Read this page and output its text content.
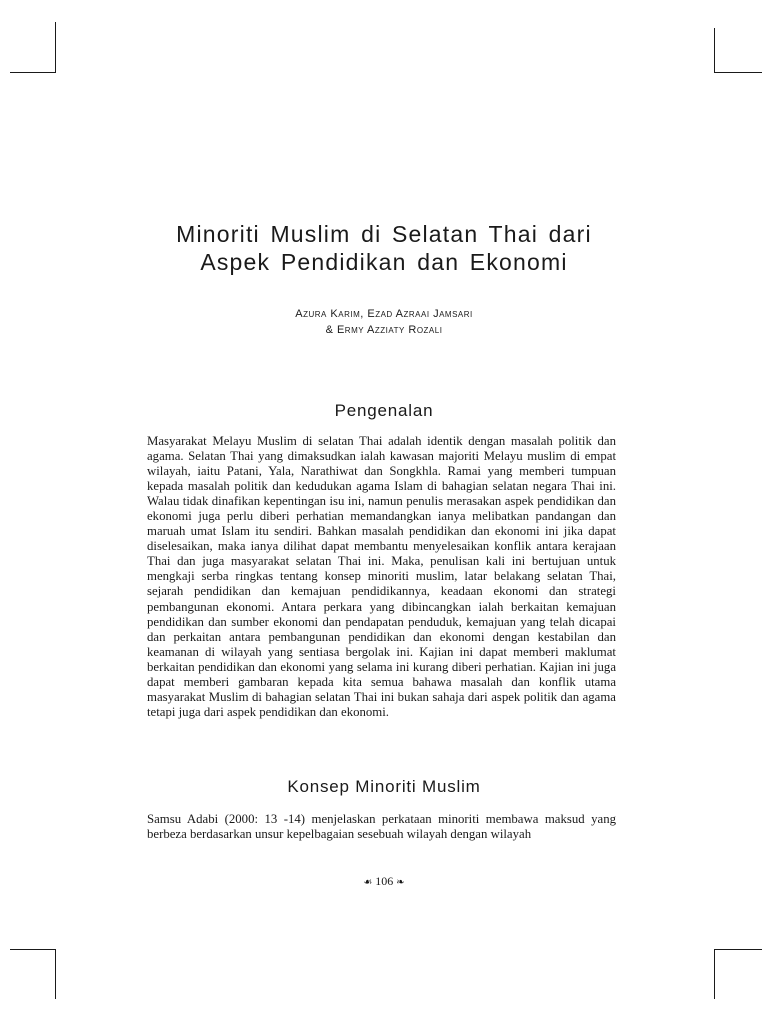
Minoriti Muslim di Selatan Thai dari
Aspek Pendidikan dan Ekonomi
Azura Karim, Ezad Azraai Jamsari
& Ermy Azziaty Rozali
Pengenalan

Masyarakat Melayu Muslim di selatan Thai adalah identik dengan masalah politik dan agama. Selatan Thai yang dimaksudkan ialah kawasan majoriti Melayu muslim di empat wilayah, iaitu Patani, Yala, Narathiwat dan Songkhla. Ramai yang memberi tumpuan kepada masalah politik dan kedudukan agama Islam di bahagian selatan negara Thai ini. Walau tidak dinafikan kepentingan isu ini, namun penulis merasakan aspek pendidikan dan ekonomi juga perlu diberi perhatian memandangkan ianya melibatkan pandangan dan maruah umat Islam itu sendiri. Bahkan masalah pendidikan dan ekonomi ini jika dapat diselesaikan, maka ianya dilihat dapat membantu menyelesaikan konflik antara kerajaan Thai dan juga masyarakat selatan Thai ini. Maka, penulisan kali ini bertujuan untuk mengkaji serba ringkas tentang konsep minoriti muslim, latar belakang selatan Thai, sejarah pendidikan dan kemajuan pendidikannya, keadaan ekonomi dan strategi pembangunan ekonomi. Antara perkara yang dibincangkan ialah berkaitan kemajuan pendidikan dan sumber ekonomi dan pendapatan penduduk, kemajuan yang telah dicapai dan perkaitan antara pembangunan pendidikan dan ekonomi dengan kestabilan dan keamanan di wilayah yang sentiasa bergolak ini. Kajian ini dapat memberi maklumat berkaitan pendidikan dan ekonomi yang selama ini kurang diberi perhatian. Kajian ini juga dapat memberi gambaran kepada kita semua bahawa masalah dan konflik utama masyarakat Muslim di bahagian selatan Thai ini bukan sahaja dari aspek politik dan agama tetapi juga dari aspek pendidikan dan ekonomi.

Konsep Minoriti Muslim

Samsu Adabi (2000: 13 -14) menjelaskan perkataan minoriti membawa maksud yang berbeza berdasarkan unsur kepelbagaian sesebuah wilayah dengan wilayah

☙ 106 ❧
